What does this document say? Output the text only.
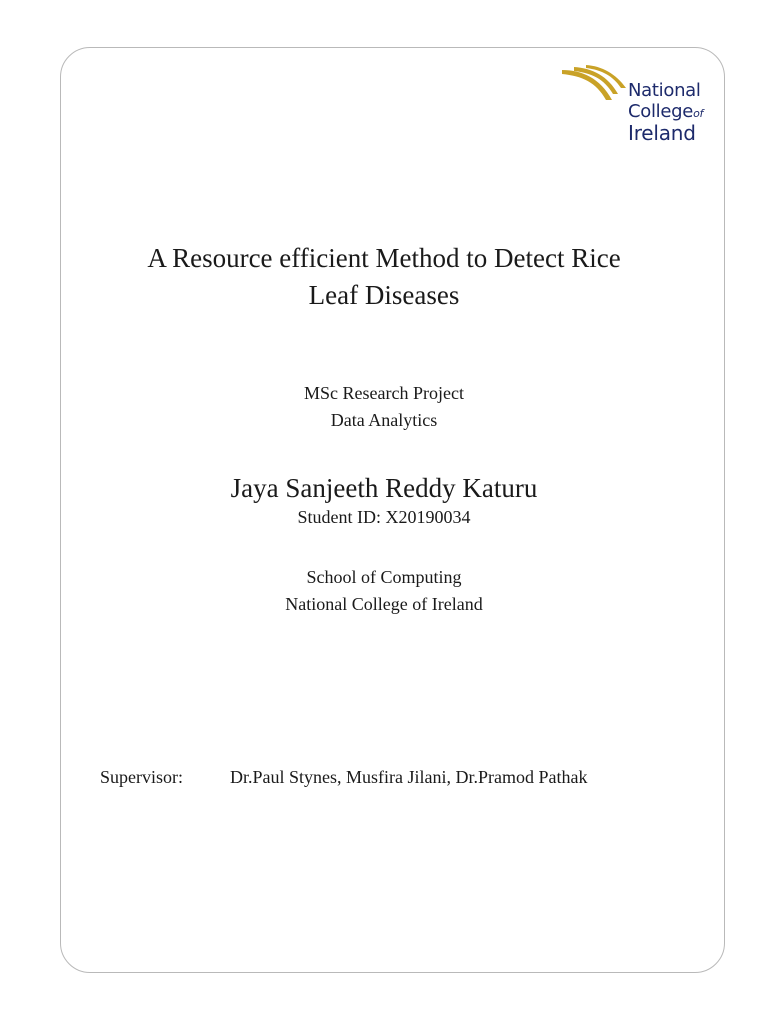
National
Collegeof
Ireland
A Resource efficient Method to Detect Rice
Leaf Diseases
MSc Research Project
Data Analytics
Jaya Sanjeeth Reddy Katuru
Student ID: X20190034
School of Computing
National College of Ireland
Supervisor:	Dr.Paul Stynes, Musfira Jilani, Dr.Pramod Pathak
